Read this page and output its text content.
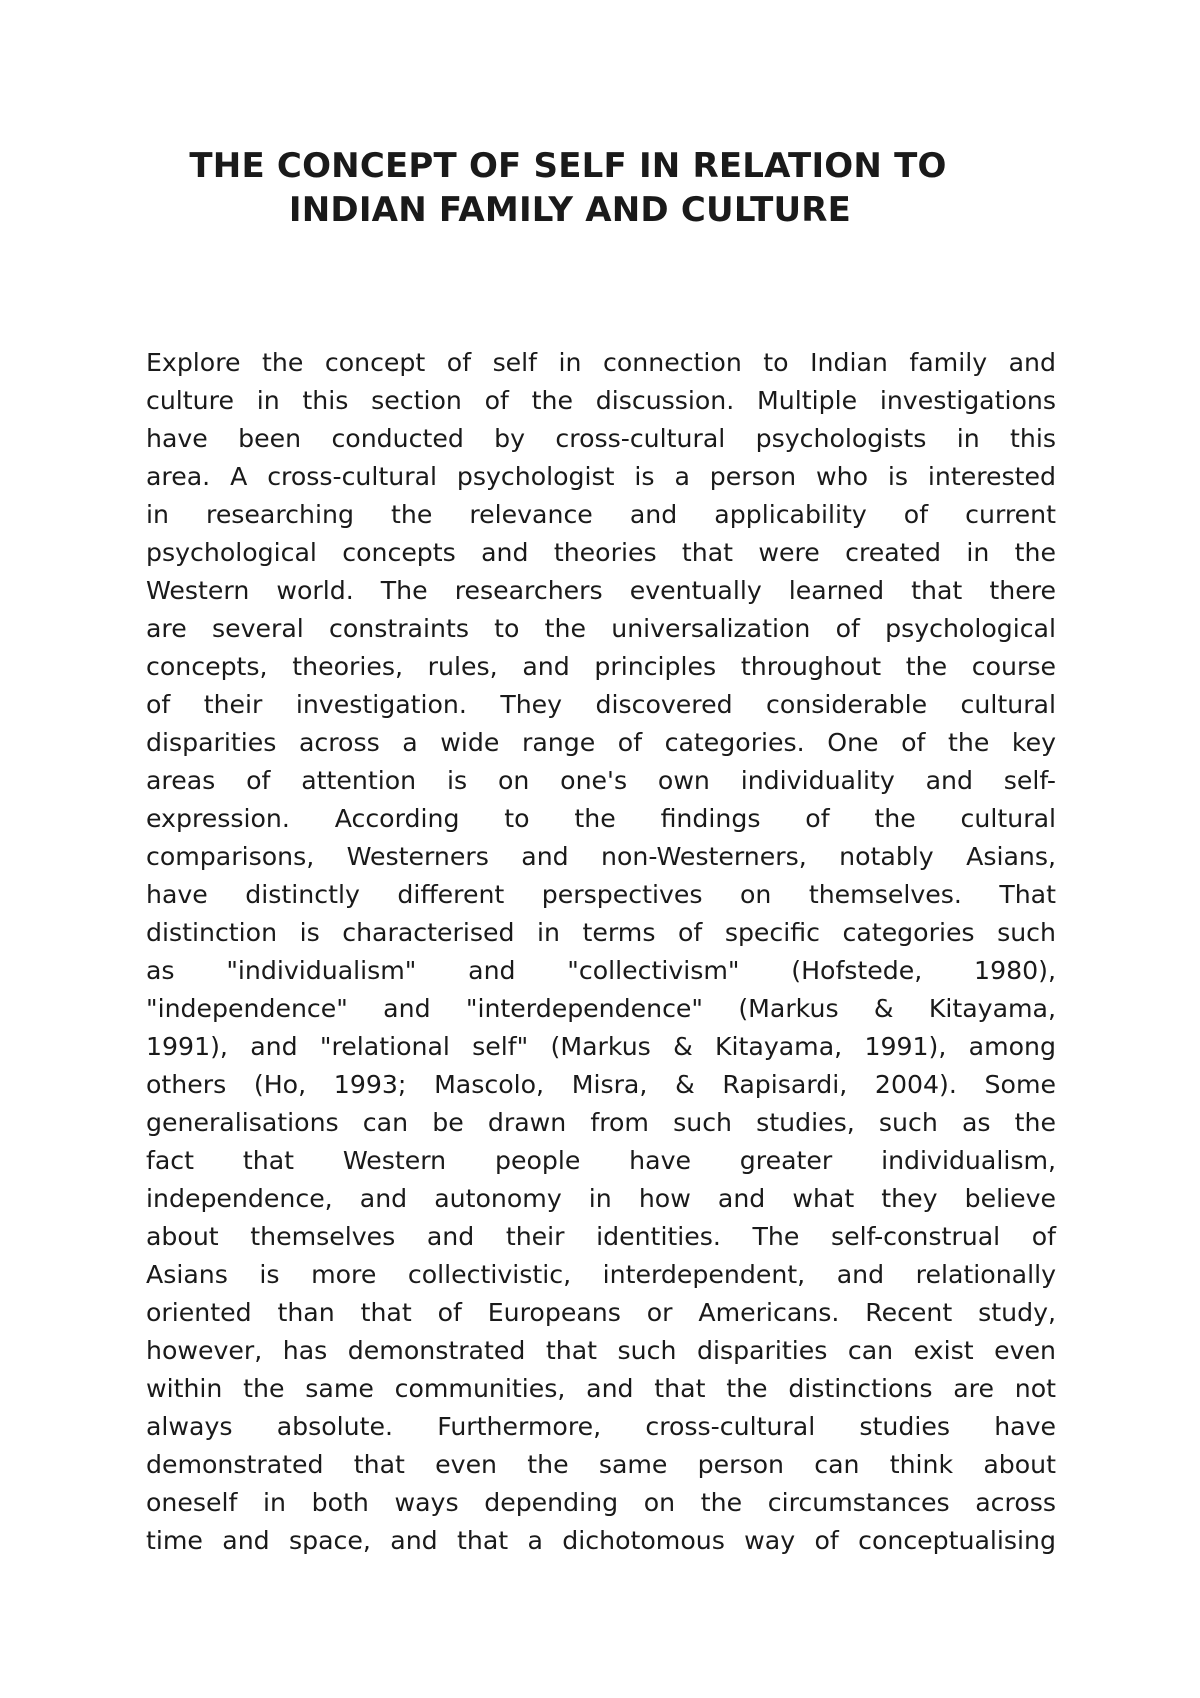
THE CONCEPT OF SELF IN RELATION TO
INDIAN FAMILY AND CULTURE
Explore the concept of self in connection to Indian family and
culture in this section of the discussion. Multiple investigations
have been conducted by cross-cultural psychologists in this
area. A cross-cultural psychologist is a person who is interested
in researching the relevance and applicability of current
psychological concepts and theories that were created in the
Western world. The researchers eventually learned that there
are several constraints to the universalization of psychological
concepts, theories, rules, and principles throughout the course
of their investigation. They discovered considerable cultural
disparities across a wide range of categories. One of the key
areas of attention is on one's own individuality and self-
expression. According to the findings of the cultural
comparisons, Westerners and non-Westerners, notably Asians,
have distinctly different perspectives on themselves. That
distinction is characterised in terms of specific categories such
as "individualism" and "collectivism" (Hofstede, 1980),
"independence" and "interdependence" (Markus & Kitayama,
1991), and "relational self" (Markus & Kitayama, 1991), among
others (Ho, 1993; Mascolo, Misra, & Rapisardi, 2004). Some
generalisations can be drawn from such studies, such as the
fact that Western people have greater individualism,
independence, and autonomy in how and what they believe
about themselves and their identities. The self-construal of
Asians is more collectivistic, interdependent, and relationally
oriented than that of Europeans or Americans. Recent study,
however, has demonstrated that such disparities can exist even
within the same communities, and that the distinctions are not
always absolute. Furthermore, cross-cultural studies have
demonstrated that even the same person can think about
oneself in both ways depending on the circumstances across
time and space, and that a dichotomous way of conceptualising
